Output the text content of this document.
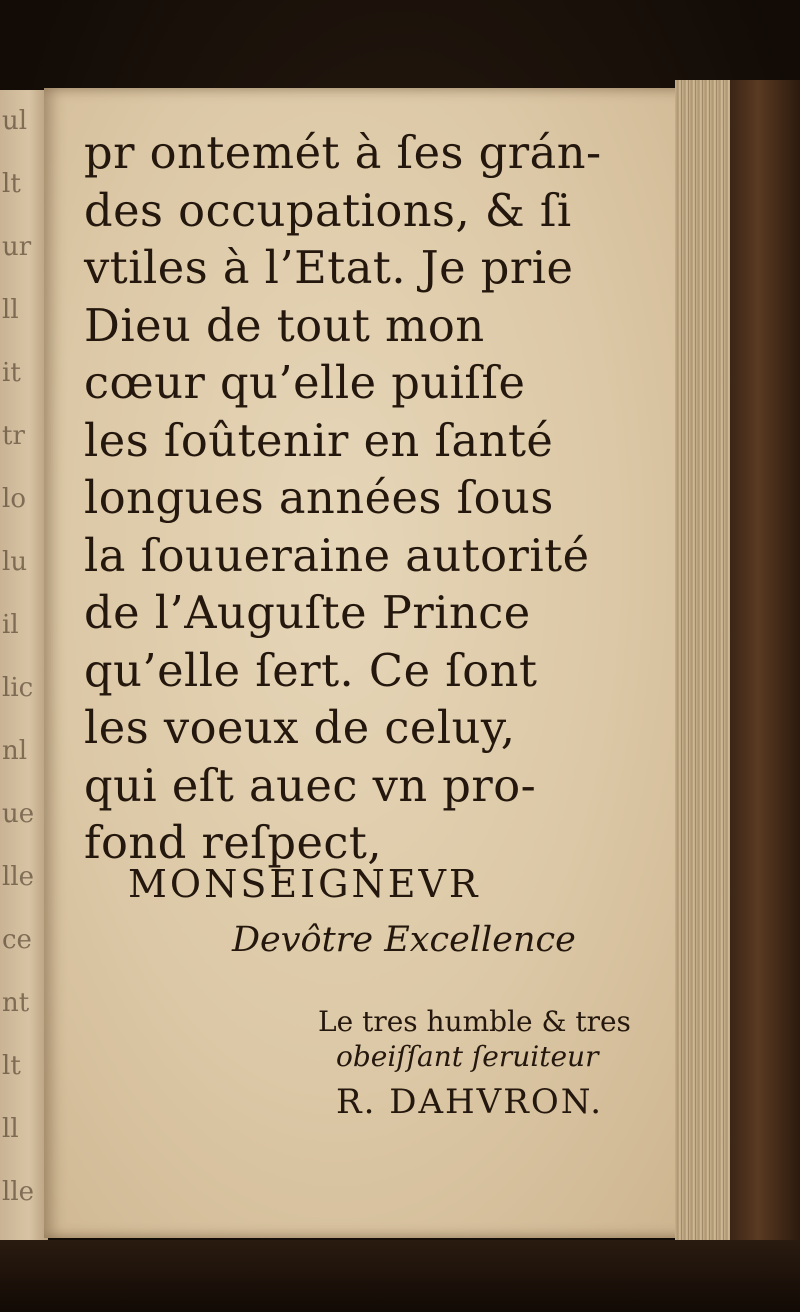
ul
lt
ur
ll
it
tr
lo
lu
il
lic
nl
ue
lle
ce
nt
lt
ll
lle
pr ontemét à ſes grán-
des occupations, & ſi
vtiles à l’Etat. Je prie
Dieu de tout mon
cœur qu’elle puiſſe
les ſoûtenir en ſanté
longues années ſous
la ſouueraine autorité
de l’Auguſte Prince
qu’elle ſert. Ce ſont
les voeux de celuy,
qui eſt auec vn pro-
fond reſpect,
MONSEIGNEVR
Devôtre Excellence
Le tres humble & tres
obeiſſant ſeruiteur
R. DAHVRON.
